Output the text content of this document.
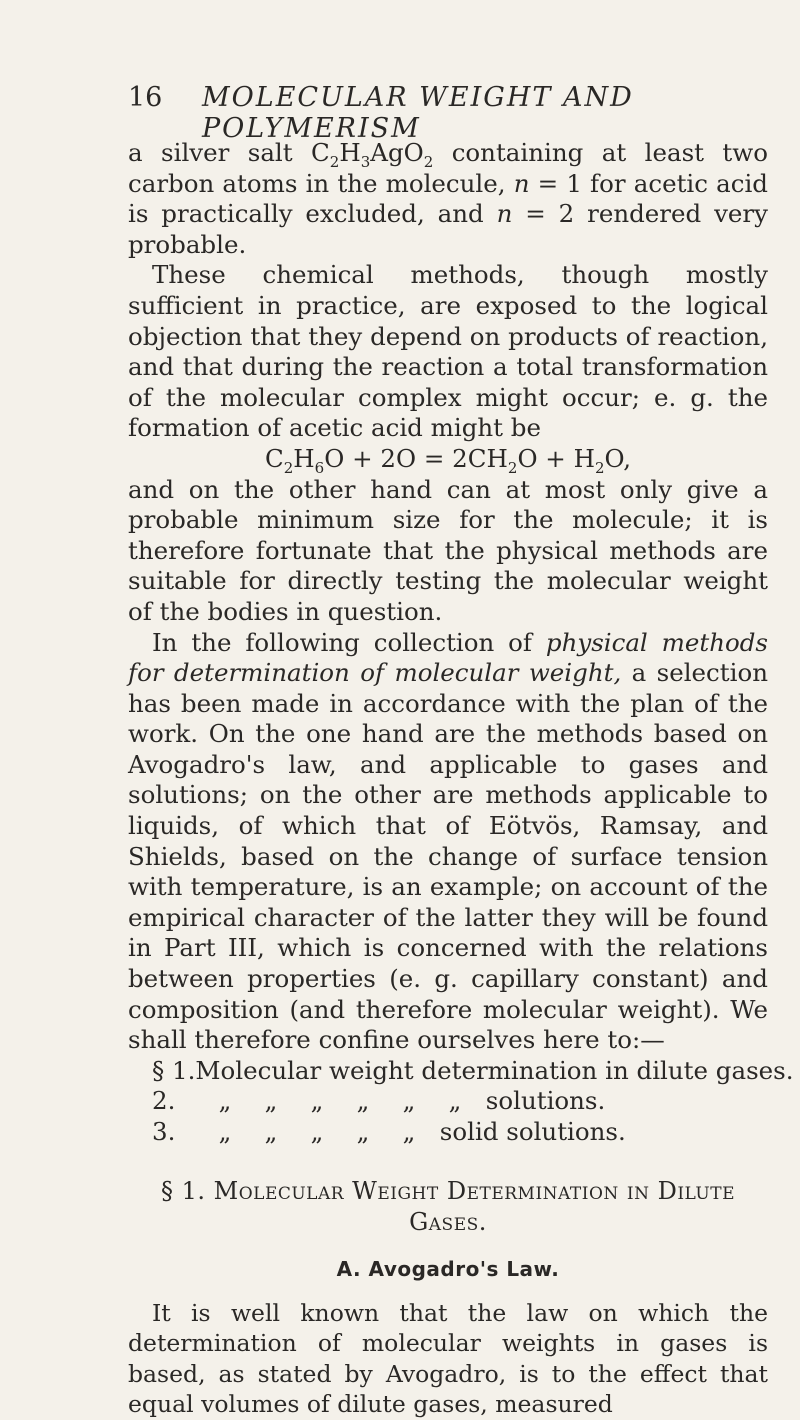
16 MOLECULAR WEIGHT AND POLYMERISM

a silver salt $C_2H_3AgO_2$ containing at least two carbon atoms in the molecule, n = 1 for acetic acid is practically excluded, and n = 2 rendered very probable.

These chemical methods, though mostly sufficient in practice, are exposed to the logical objection that they depend on products of reaction, and that during the reaction a total transformation of the molecular complex might occur; e. g. the formation of acetic acid might be

$C_2H_6O + 2O = 2CH_2O + H_2O$,

and on the other hand can at most only give a probable minimum size for the molecule; it is therefore fortunate that the physical methods are suitable for directly testing the molecular weight of the bodies in question.

In the following collection of physical methods for determination of molecular weight, a selection has been made in accordance with the plan of the work. On the one hand are the methods based on Avogadro's law, and applicable to gases and solutions; on the other are methods applicable to liquids, of which that of Eötvös, Ramsay, and Shields, based on the change of surface tension with temperature, is an example; on account of the empirical character of the latter they will be found in Part III, which is concerned with the relations between properties (e. g. capillary constant) and composition (and therefore molecular weight). We shall therefore confine ourselves here to:—

§ 1. Molecular weight determination in dilute gases.
2.	„ „ „ „ „ „ solutions.
3.	„ „ „ „ „ solid solutions.
§ 1. Molecular Weight Determination in Dilute
Gases.
A. Avogadro's Law.

It is well known that the law on which the determination of molecular weights in gases is based, as stated by Avogadro, is to the effect that equal volumes of dilute gases, measured
